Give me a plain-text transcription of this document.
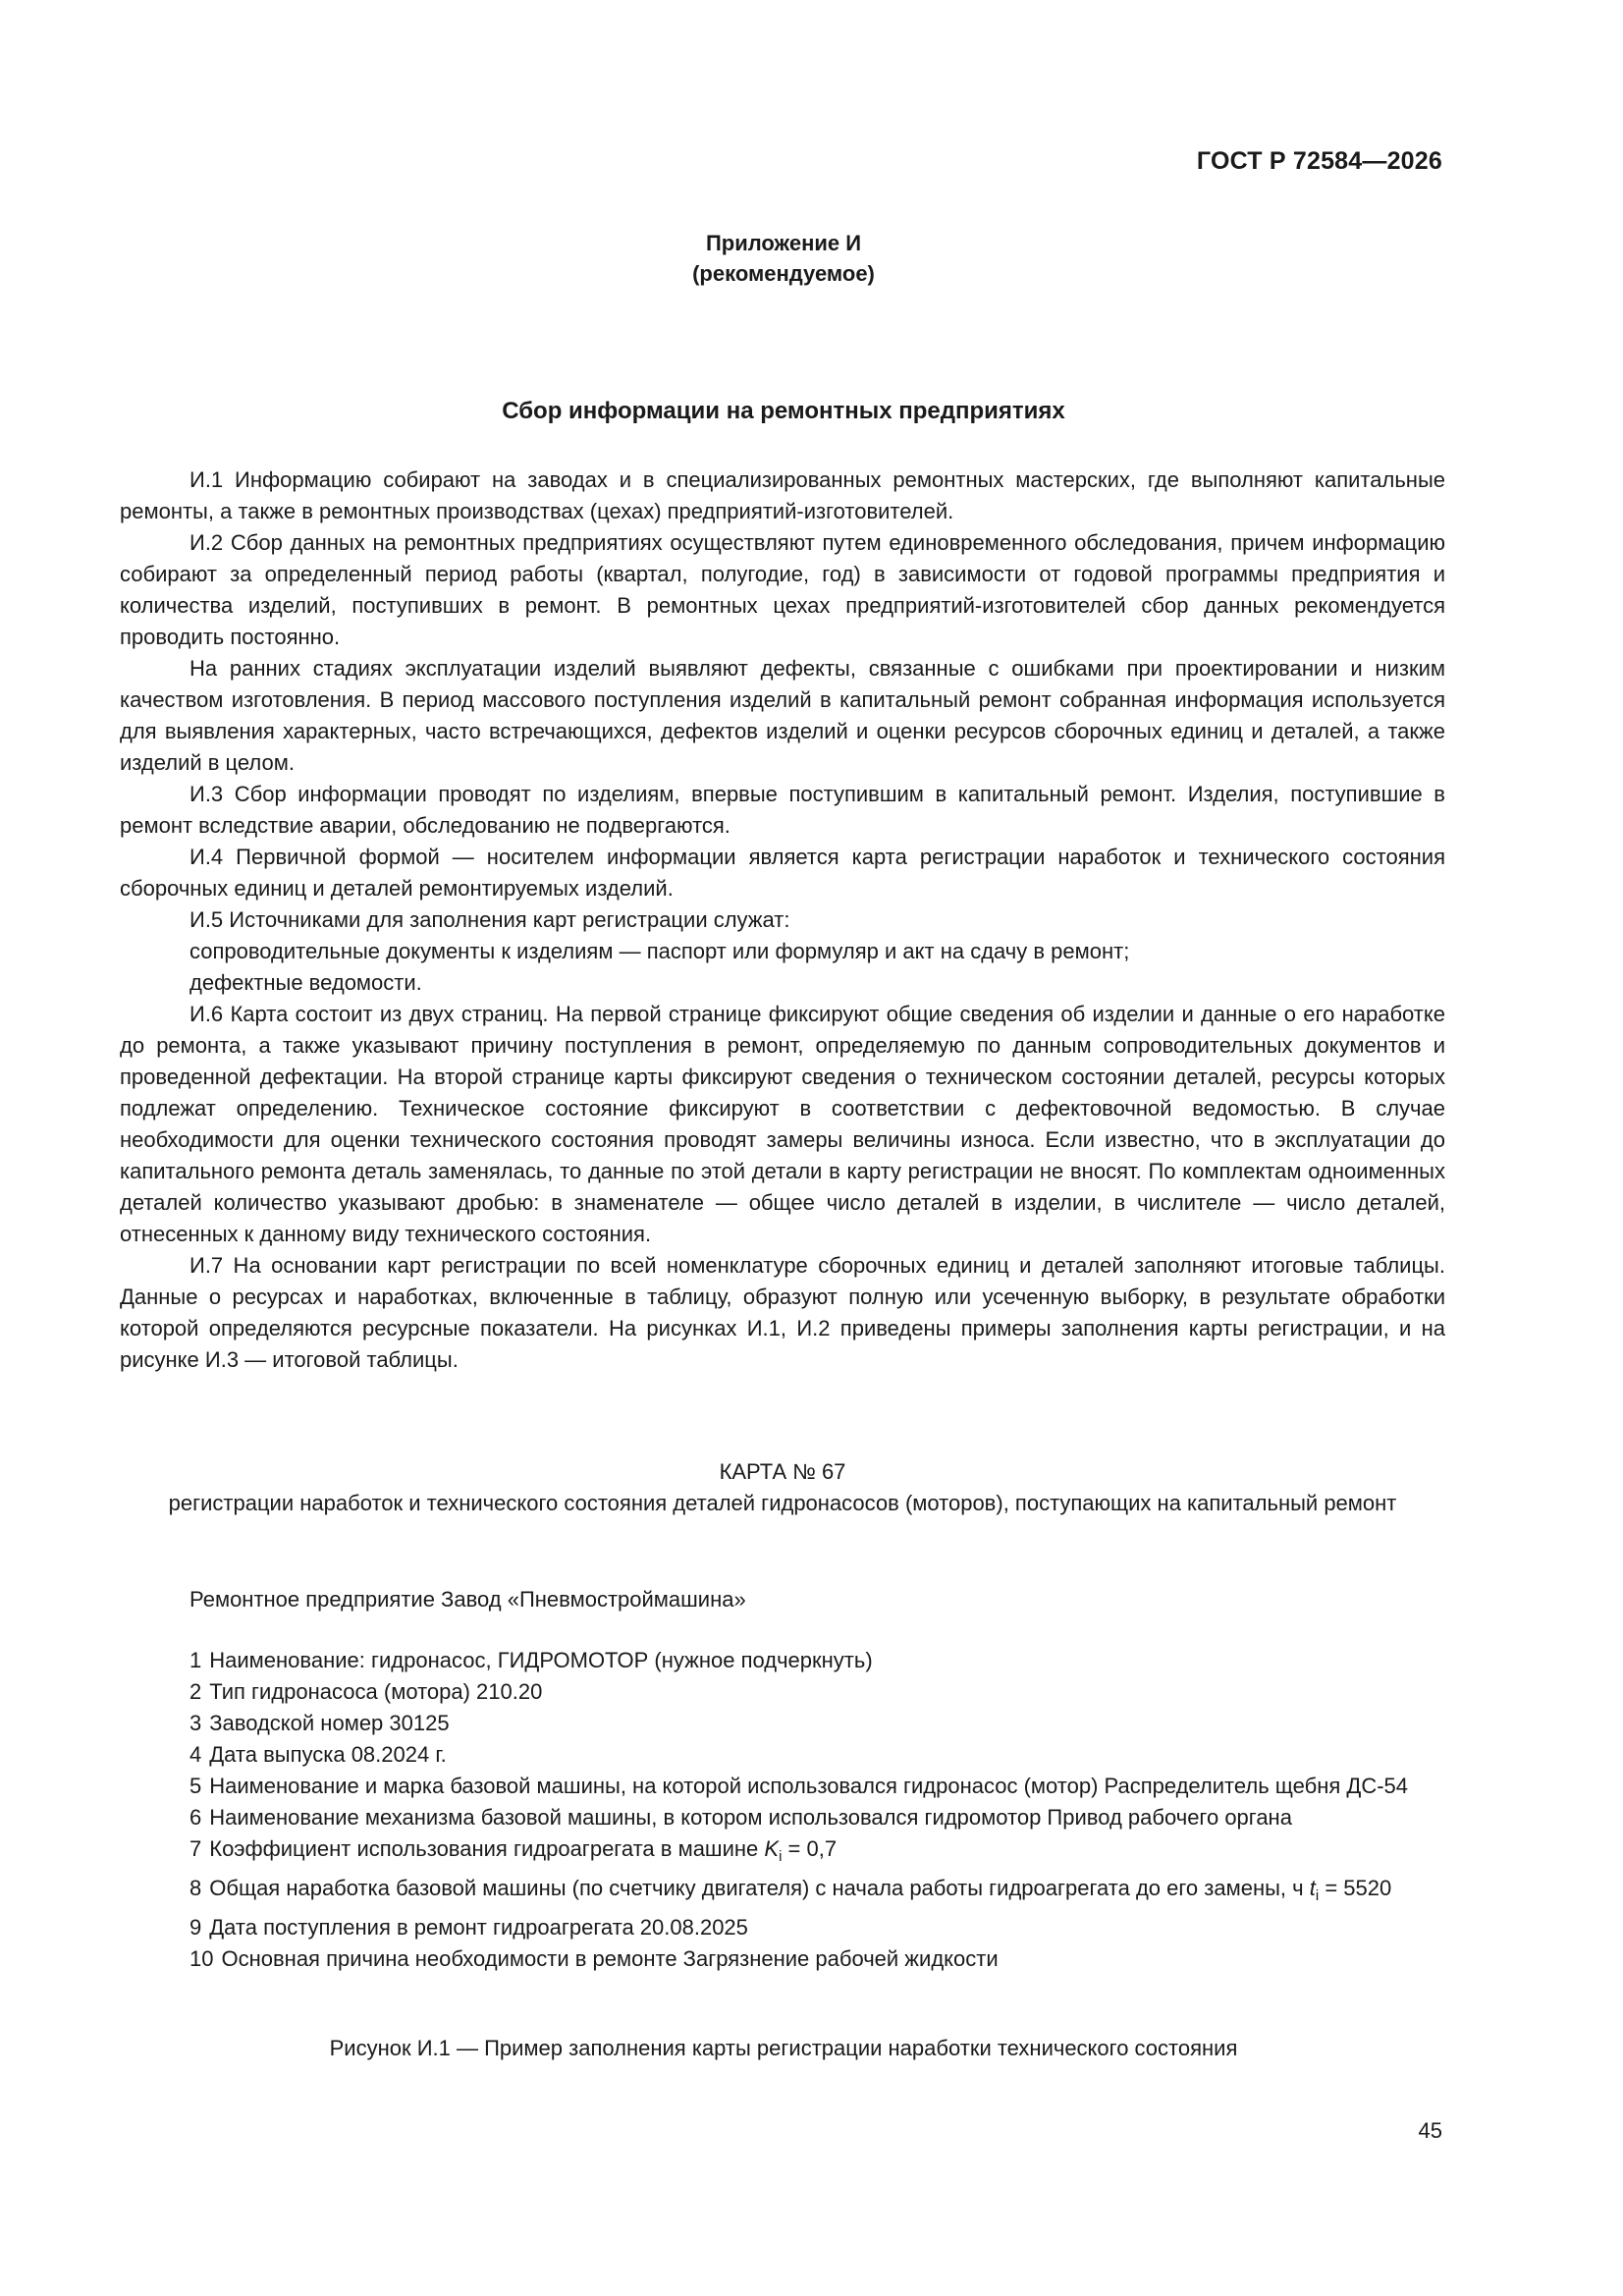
ГОСТ Р 72584—2026
Приложение И
(рекомендуемое)
Сбор информации на ремонтных предприятиях

И.1 Информацию собирают на заводах и в специализированных ремонтных мастерских, где выполняют капитальные ремонты, а также в ремонтных производствах (цехах) предприятий-изготовителей.

И.2 Сбор данных на ремонтных предприятиях осуществляют путем единовременного обследования, причем информацию собирают за определенный период работы (квартал, полугодие, год) в зависимости от годовой программы предприятия и количества изделий, поступивших в ремонт. В ремонтных цехах предприятий-изготовителей сбор данных рекомендуется проводить постоянно.

На ранних стадиях эксплуатации изделий выявляют дефекты, связанные с ошибками при проектировании и низким качеством изготовления. В период массового поступления изделий в капитальный ремонт собранная информация используется для выявления характерных, часто встречающихся, дефектов изделий и оценки ресурсов сборочных единиц и деталей, а также изделий в целом.

И.3 Сбор информации проводят по изделиям, впервые поступившим в капитальный ремонт. Изделия, поступившие в ремонт вследствие аварии, обследованию не подвергаются.

И.4 Первичной формой — носителем информации является карта регистрации наработок и технического состояния сборочных единиц и деталей ремонтируемых изделий.

И.5 Источниками для заполнения карт регистрации служат:

сопроводительные документы к изделиям — паспорт или формуляр и акт на сдачу в ремонт;

дефектные ведомости.

И.6 Карта состоит из двух страниц. На первой странице фиксируют общие сведения об изделии и данные о его наработке до ремонта, а также указывают причину поступления в ремонт, определяемую по данным сопроводительных документов и проведенной дефектации. На второй странице карты фиксируют сведения о техническом состоянии деталей, ресурсы которых подлежат определению. Техническое состояние фиксируют в соответствии с дефектовочной ведомостью. В случае необходимости для оценки технического состояния проводят замеры величины износа. Если известно, что в эксплуатации до капитального ремонта деталь заменялась, то данные по этой детали в карту регистрации не вносят. По комплектам одноименных деталей количество указывают дробью: в знаменателе — общее число деталей в изделии, в числителе — число деталей, отнесенных к данному виду технического состояния.

И.7 На основании карт регистрации по всей номенклатуре сборочных единиц и деталей заполняют итоговые таблицы. Данные о ресурсах и наработках, включенные в таблицу, образуют полную или усеченную выборку, в результате обработки которой определяются ресурсные показатели. На рисунках И.1, И.2 приведены примеры заполнения карты регистрации, и на рисунке И.3 — итоговой таблицы.

КАРТА № 67
регистрации наработок и технического состояния деталей гидронасосов (моторов), поступающих на капитальный ремонт
Ремонтное предприятие Завод «Пневмостроймашина»

1 Наименование: гидронасос, ГИДРОМОТОР (нужное подчеркнуть)

2 Тип гидронасоса (мотора) 210.20

3 Заводской номер 30125

4 Дата выпуска 08.2024 г.

5 Наименование и марка базовой машины, на которой использовался гидронасос (мотор) Распределитель щебня ДС-54

6 Наименование механизма базовой машины, в котором использовался гидромотор Привод рабочего органа

7 Коэффициент использования гидроагрегата в машине $K_i = 0,7$

8 Общая наработка базовой машины (по счетчику двигателя) с начала работы гидроагрегата до его замены, ч $t_i = 5520$

9 Дата поступления в ремонт гидроагрегата 20.08.2025

10 Основная причина необходимости в ремонте Загрязнение рабочей жидкости

Рисунок И.1 — Пример заполнения карты регистрации наработки технического состояния
45
